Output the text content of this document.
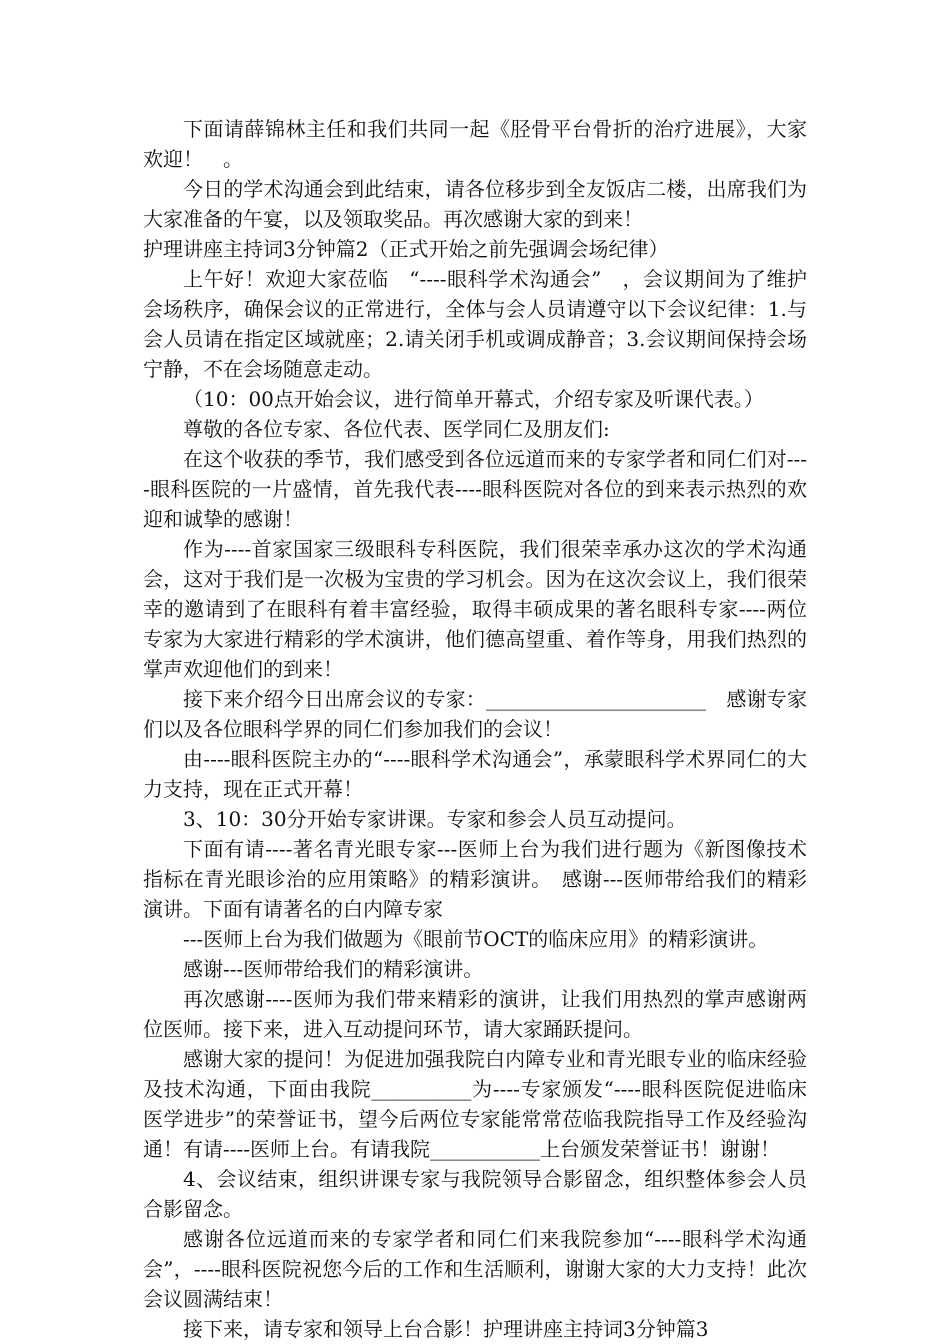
下面请薛锦林主任和我们共同一起《胫骨平台骨折的治疗进展》，大家欢迎！　。

今日的学术沟通会到此结束，请各位移步到全友饭店二楼，出席我们为大家准备的午宴，以及领取奖品。再次感谢大家的到来！

护理讲座主持词3分钟篇2（正式开始之前先强调会场纪律）

上午好！欢迎大家莅临　“----眼科学术沟通会”　，会议期间为了维护会场秩序，确保会议的正常进行，全体与会人员请遵守以下会议纪律：1.与会人员请在指定区域就座；2.请关闭手机或调成静音；3.会议期间保持会场宁静，不在会场随意走动。

（10：00点开始会议，进行简单开幕式，介绍专家及听课代表。）

尊敬的各位专家、各位代表、医学同仁及朋友们:

在这个收获的季节，我们感受到各位远道而来的专家学者和同仁们对----眼科医院的一片盛情，首先我代表----眼科医院对各位的到来表示热烈的欢迎和诚挚的感谢！

作为----首家国家三级眼科专科医院，我们很荣幸承办这次的学术沟通会，这对于我们是一次极为宝贵的学习机会。因为在这次会议上，我们很荣幸的邀请到了在眼科有着丰富经验，取得丰硕成果的著名眼科专家----两位专家为大家进行精彩的学术演讲，他们德高望重、着作等身，用我们热烈的掌声欢迎他们的到来！

接下来介绍今日出席会议的专家：______________________　感谢专家们以及各位眼科学界的同仁们参加我们的会议！

由----眼科医院主办的“----眼科学术沟通会”，承蒙眼科学术界同仁的大力支持，现在正式开幕！

3、10：30分开始专家讲课。专家和参会人员互动提问。

下面有请----著名青光眼专家---医师上台为我们进行题为《新图像技术指标在青光眼诊治的应用策略》的精彩演讲。　感谢---医师带给我们的精彩演讲。下面有请著名的白内障专家

---医师上台为我们做题为《眼前节OCT的临床应用》的精彩演讲。

感谢---医师带给我们的精彩演讲。

再次感谢----医师为我们带来精彩的演讲，让我们用热烈的掌声感谢两位医师。接下来，进入互动提问环节，请大家踊跃提问。

感谢大家的提问！为促进加强我院白内障专业和青光眼专业的临床经验及技术沟通，下面由我院__________为----专家颁发“----眼科医院促进临床医学进步”的荣誉证书，望今后两位专家能常常莅临我院指导工作及经验沟通！有请----医师上台。有请我院___________上台颁发荣誉证书！谢谢！

4、会议结束，组织讲课专家与我院领导合影留念，组织整体参会人员合影留念。

感谢各位远道而来的专家学者和同仁们来我院参加“----眼科学术沟通会”，----眼科医院祝您今后的工作和生活顺利，谢谢大家的大力支持！此次会议圆满结束！

接下来，请专家和领导上台合影！护理讲座主持词3分钟篇3
